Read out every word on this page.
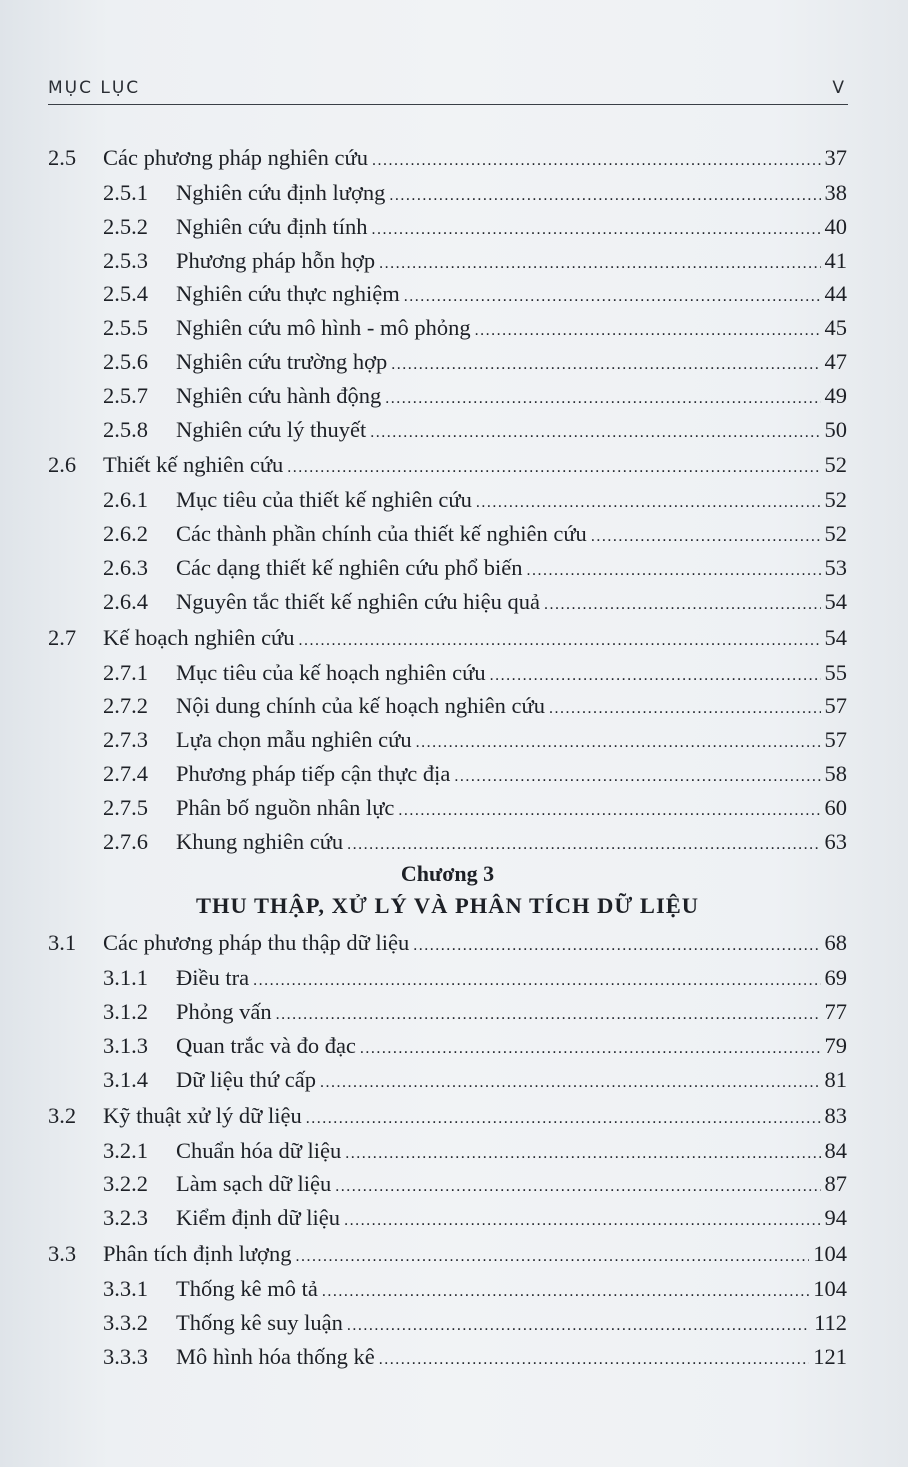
MỤC LỤC	V
2.5	Các phương pháp nghiên cứu .....	37
2.5.1	Nghiên cứu định lượng .....	38
2.5.2	Nghiên cứu định tính .....	40
2.5.3	Phương pháp hỗn hợp .....	41
2.5.4	Nghiên cứu thực nghiệm .....	44
2.5.5	Nghiên cứu mô hình - mô phỏng .....	45
2.5.6	Nghiên cứu trường hợp .....	47
2.5.7	Nghiên cứu hành động .....	49
2.5.8	Nghiên cứu lý thuyết .....	50
2.6	Thiết kế nghiên cứu .....	52
2.6.1	Mục tiêu của thiết kế nghiên cứu .....	52
2.6.2	Các thành phần chính của thiết kế nghiên cứu .....	52
2.6.3	Các dạng thiết kế nghiên cứu phổ biến .....	53
2.6.4	Nguyên tắc thiết kế nghiên cứu hiệu quả .....	54
2.7	Kế hoạch nghiên cứu .....	54
2.7.1	Mục tiêu của kế hoạch nghiên cứu .....	55
2.7.2	Nội dung chính của kế hoạch nghiên cứu .....	57
2.7.3	Lựa chọn mẫu nghiên cứu .....	57
2.7.4	Phương pháp tiếp cận thực địa .....	58
2.7.5	Phân bố nguồn nhân lực .....	60
2.7.6	Khung nghiên cứu .....	63
Chương 3
THU THẬP, XỬ LÝ VÀ PHÂN TÍCH DỮ LIỆU
3.1	Các phương pháp thu thập dữ liệu .....	68
3.1.1	Điều tra .....	69
3.1.2	Phỏng vấn .....	77
3.1.3	Quan trắc và đo đạc .....	79
3.1.4	Dữ liệu thứ cấp .....	81
3.2	Kỹ thuật xử lý dữ liệu .....	83
3.2.1	Chuẩn hóa dữ liệu .....	84
3.2.2	Làm sạch dữ liệu .....	87
3.2.3	Kiểm định dữ liệu .....	94
3.3	Phân tích định lượng .....	104
3.3.1	Thống kê mô tả .....	104
3.3.2	Thống kê suy luận .....	112
3.3.3	Mô hình hóa thống kê .....	121
